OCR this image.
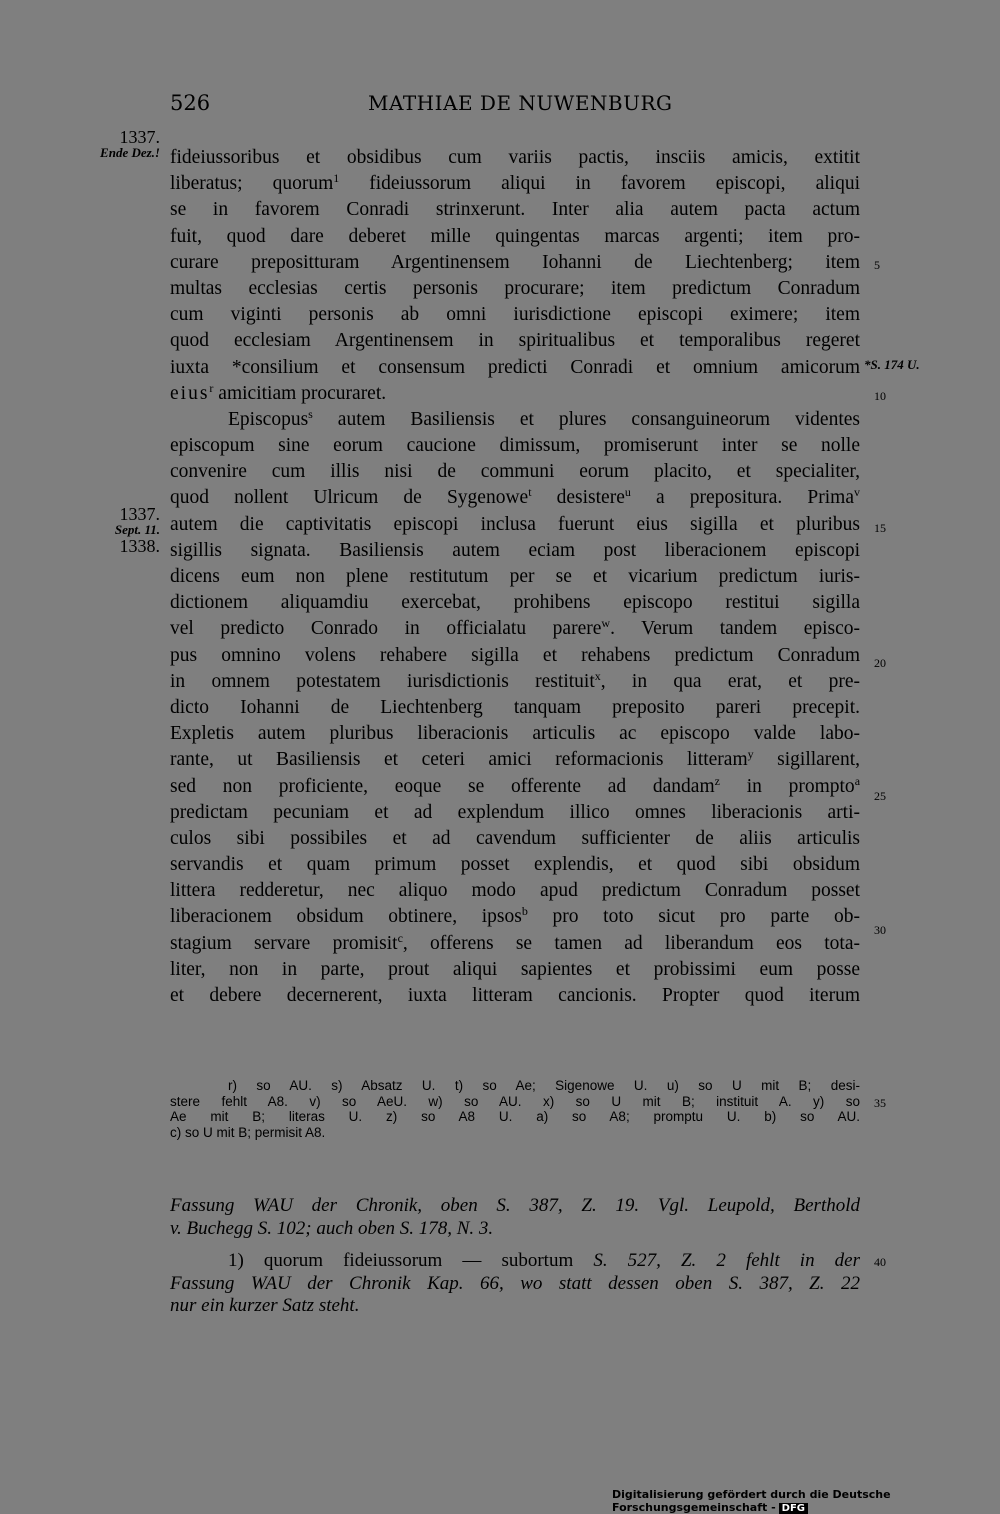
526	MATHIAE DE NUWENBURG
1337.
Ende Dez.!
1337.
Sept. 11.
1338.
*S. 174 U.
5
10
15
20
25
30
35
40
fideiussoribus et obsidibus cum variis pactis, insciis amicis, extitit
liberatus; quorum$^1$ fideiussorum aliqui in favorem episcopi, aliqui
se in favorem Conradi strinxerunt. Inter alia autem pacta actum
fuit, quod dare deberet mille quingentas marcas argenti; item pro-
curare prepositturam Argentinensem Iohanni de Liechtenberg; item
multas ecclesias certis personis procurare; item predictum Conradum
cum viginti personis ab omni iurisdictione episcopi eximere; item
quod ecclesiam Argentinensem in spiritualibus et temporalibus regeret
iuxta *consilium et consensum predicti Conradi et omnium amicorum
eius$^r$ amicitiam procuraret.
Episcopus$^s$ autem Basiliensis et plures consanguineorum videntes
episcopum sine eorum caucione dimissum, promiserunt inter se nolle
convenire cum illis nisi de communi eorum placito, et specialiter,
quod nollent Ulricum de Sygenowe$^t$ desistere$^u$ a prepositura. Prima$^v$
autem die captivitatis episcopi inclusa fuerunt eius sigilla et pluribus
sigillis signata. Basiliensis autem eciam post liberacionem episcopi
dicens eum non plene restitutum per se et vicarium predictum iuris-
dictionem aliquamdiu exercebat, prohibens episcopo restitui sigilla
vel predicto Conrado in officialatu parere$^w$. Verum tandem episco-
pus omnino volens rehabere sigilla et rehabens predictum Conradum
in omnem potestatem iurisdictionis restituit$^x$, in qua erat, et pre-
dicto Iohanni de Liechtenberg tanquam preposito pareri precepit.
Expletis autem pluribus liberacionis articulis ac episcopo valde labo-
rante, ut Basiliensis et ceteri amici reformacionis litteram$^y$ sigillarent,
sed non proficiente, eoque se offerente ad dandam$^z$ in prompto$^a$
predictam pecuniam et ad explendum illico omnes liberacionis arti-
culos sibi possibiles et ad cavendum sufficienter de aliis articulis
servandis et quam primum posset explendis, et quod sibi obsidum
littera redderetur, nec aliquo modo apud predictum Conradum posset
liberacionem obsidum obtinere, ipsos$^b$ pro toto sicut pro parte ob-
stagium servare promisit$^c$, offerens se tamen ad liberandum eos tota-
liter, non in parte, prout aliqui sapientes et probissimi eum posse
et debere decernerent, iuxta litteram cancionis. Propter quod iterum
r) so AU. s) Absatz U. t) so Ae; Sigenowe U. u) so U mit B; desi-
stere fehlt A8. v) so AeU. w) so AU. x) so U mit B; instituit A. y) so
Ae mit B; literas U. z) so A8 U. a) so A8; promptu U. b) so AU.
c) so U mit B; permisit A8.
Fassung WAU der Chronik, oben S. 387, Z. 19. Vgl. Leupold, Berthold
v. Buchegg S. 102; auch oben S. 178, N. 3.
1) quorum fideiussorum — subortum S. 527, Z. 2 fehlt in der
Fassung WAU der Chronik Kap. 66, wo statt dessen oben S. 387, Z. 22
nur ein kurzer Satz steht.
Digitalisierung gefördert durch die Deutsche Forschungsgemeinschaft - DFG
